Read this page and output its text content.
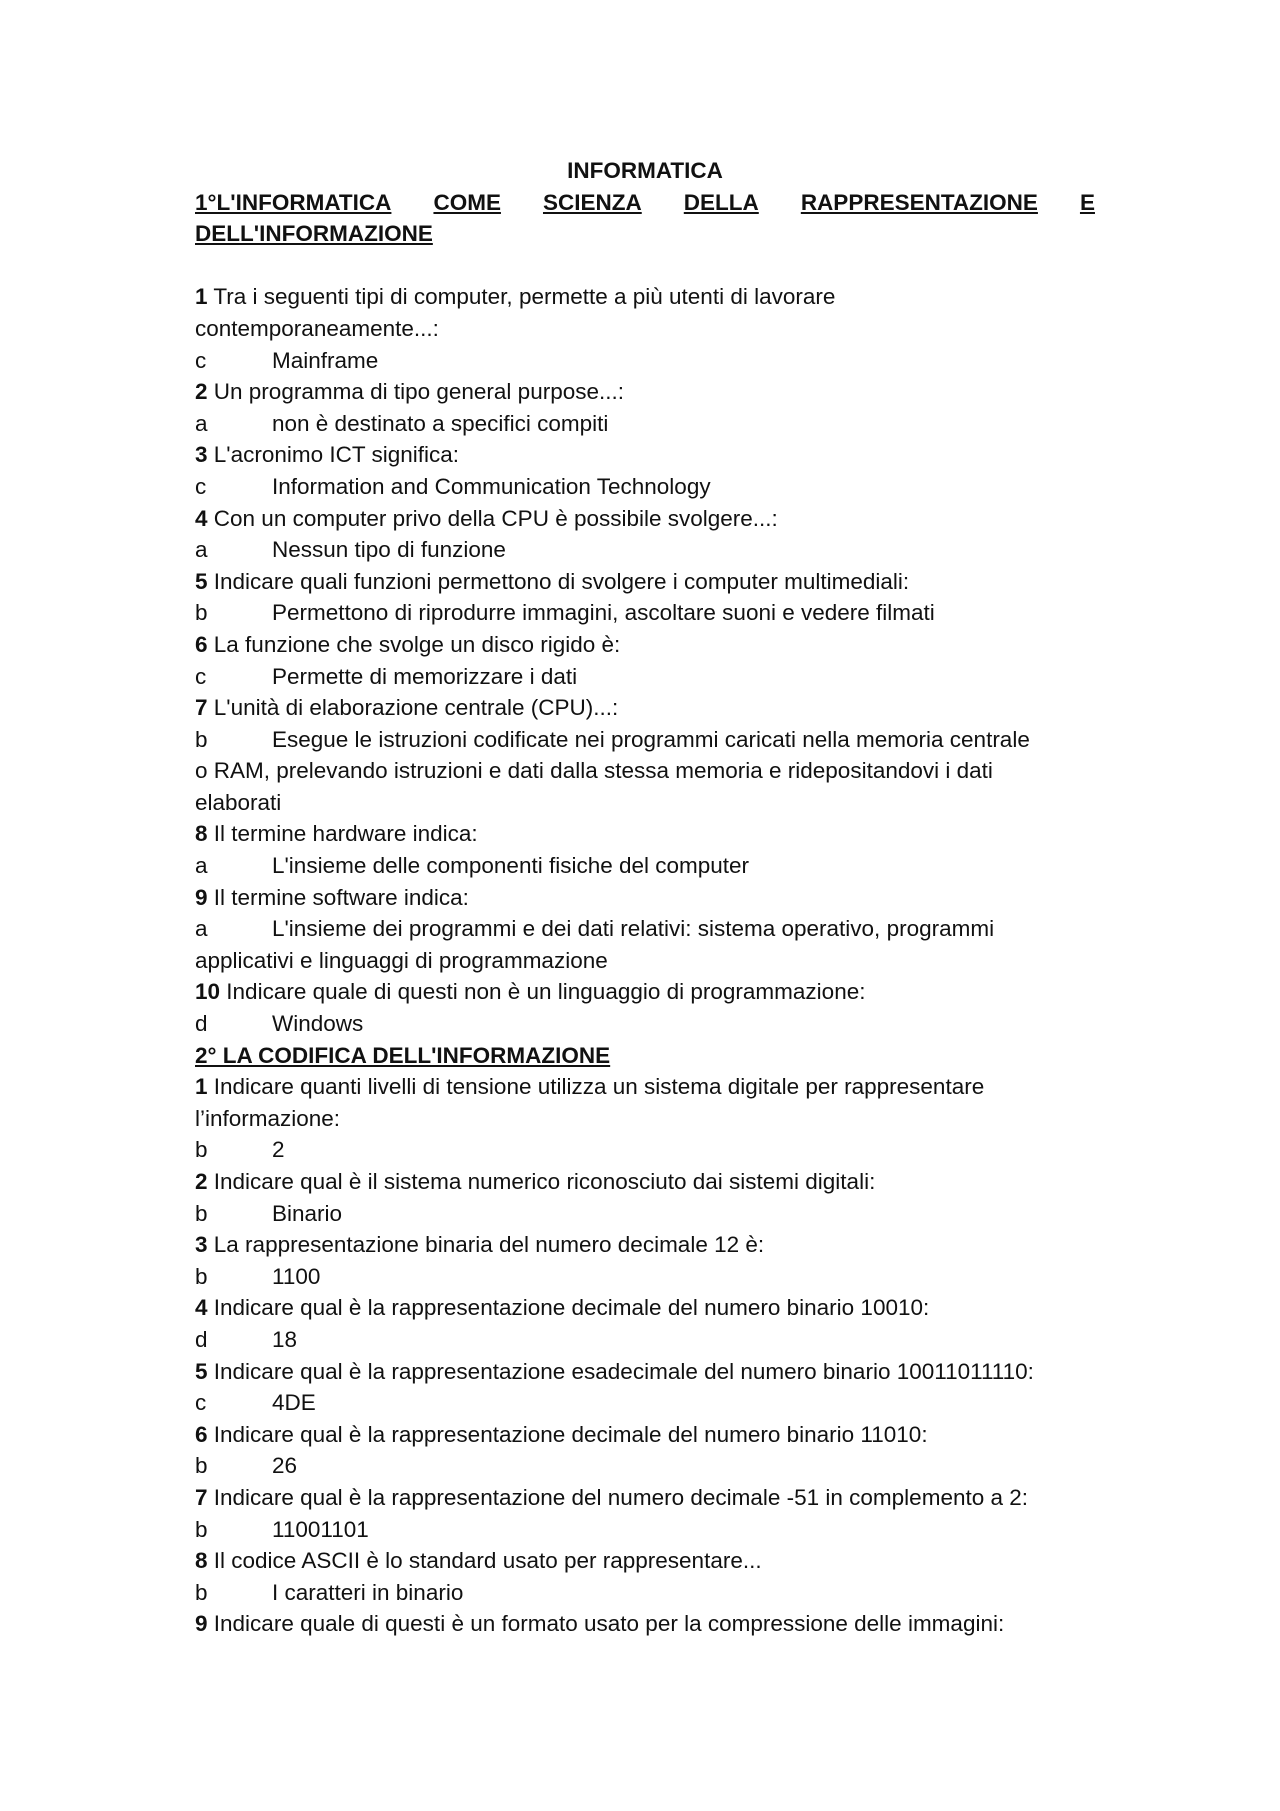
INFORMATICA

1°L'INFORMATICA COME SCIENZA DELLA RAPPRESENTAZIONE E

DELL'INFORMAZIONE

1 Tra i seguenti tipi di computer, permette a più utenti di lavorare

contemporaneamente...:

c	Mainframe

2 Un programma di tipo general purpose...:

a	non è destinato a specifici compiti

3 L'acronimo ICT significa:

c	Information and Communication Technology

4 Con un computer privo della CPU è possibile svolgere...:

a	Nessun tipo di funzione

5 Indicare quali funzioni permettono di svolgere i computer multimediali:

b	Permettono di riprodurre immagini, ascoltare suoni e vedere filmati

6 La funzione che svolge un disco rigido è:

c	Permette di memorizzare i dati

7 L'unità di elaborazione centrale (CPU)...:

b	Esegue le istruzioni codificate nei programmi caricati nella memoria centrale

o RAM, prelevando istruzioni e dati dalla stessa memoria e ridepositandovi i dati

elaborati

8 Il termine hardware indica:

a	L'insieme delle componenti fisiche del computer

9 Il termine software indica:

a	L'insieme dei programmi e dei dati relativi: sistema operativo, programmi

applicativi e linguaggi di programmazione

10 Indicare quale di questi non è un linguaggio di programmazione:

d	Windows

2° LA CODIFICA DELL'INFORMAZIONE

1 Indicare quanti livelli di tensione utilizza un sistema digitale per rappresentare

l’informazione:

b	2

2 Indicare qual è il sistema numerico riconosciuto dai sistemi digitali:

b	Binario

3 La rappresentazione binaria del numero decimale 12 è:

b	1100

4 Indicare qual è la rappresentazione decimale del numero binario 10010:

d	18

5 Indicare qual è la rappresentazione esadecimale del numero binario 10011011110:

c	4DE

6 Indicare qual è la rappresentazione decimale del numero binario 11010:

b	26

7 Indicare qual è la rappresentazione del numero decimale -51 in complemento a 2:

b	11001101

8 Il codice ASCII è lo standard usato per rappresentare...

b	I caratteri in binario

9 Indicare quale di questi è un formato usato per la compressione delle immagini:
